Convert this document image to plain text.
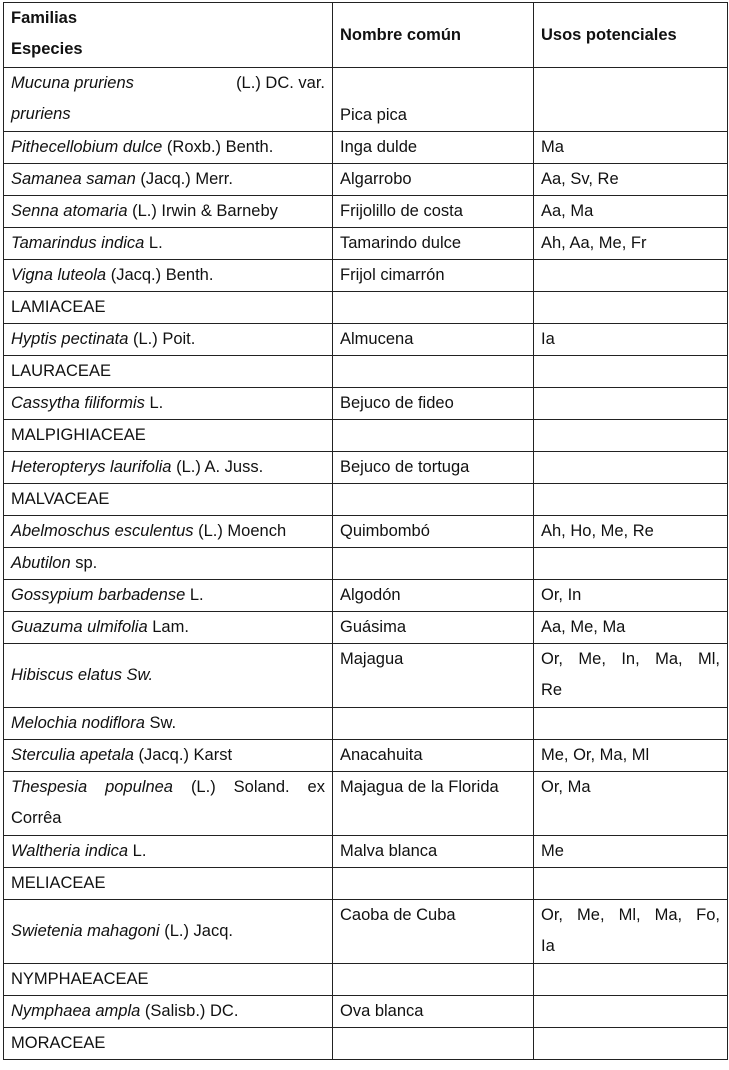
Familias
Especies	Nombre común	Usos potenciales

Mucuna pruriens (L.) DC. var.
pruriens	Pica pica	
Pithecellobium dulce (Roxb.) Benth.	Inga dulde	Ma
Samanea saman (Jacq.) Merr.	Algarrobo	Aa, Sv, Re
Senna atomaria (L.) Irwin & Barneby	Frijolillo de costa	Aa, Ma
Tamarindus indica L.	Tamarindo dulce	Ah, Aa, Me, Fr
Vigna luteola (Jacq.) Benth.	Frijol cimarrón	
LAMIACEAE		
Hyptis pectinata (L.) Poit.	Almucena	Ia
LAURACEAE		
Cassytha filiformis L.	Bejuco de fideo	
MALPIGHIACEAE		
Heteropterys laurifolia (L.) A. Juss.	Bejuco de tortuga	
MALVACEAE		
Abelmoschus esculentus (L.) Moench	Quimbombó	Ah, Ho, Me, Re
Abutilon sp.		
Gossypium barbadense L.	Algodón	Or, In
Guazuma ulmifolia Lam.	Guásima	Aa, Me, Ma
Hibiscus elatus Sw.	Majagua	Or, Me, In, Ma, Ml, Re
Melochia nodiflora Sw.		
Sterculia apetala (Jacq.) Karst	Anacahuita	Me, Or, Ma, Ml
Thespesia populnea (L.) Soland. ex Corrêa	Majagua de la Florida	Or, Ma
Waltheria indica L.	Malva blanca	Me
MELIACEAE		
Swietenia mahagoni (L.) Jacq.	Caoba de Cuba	Or, Me, Ml, Ma, Fo, Ia
NYMPHAEACEAE		
Nymphaea ampla (Salisb.) DC.	Ova blanca	
MORACEAE		
